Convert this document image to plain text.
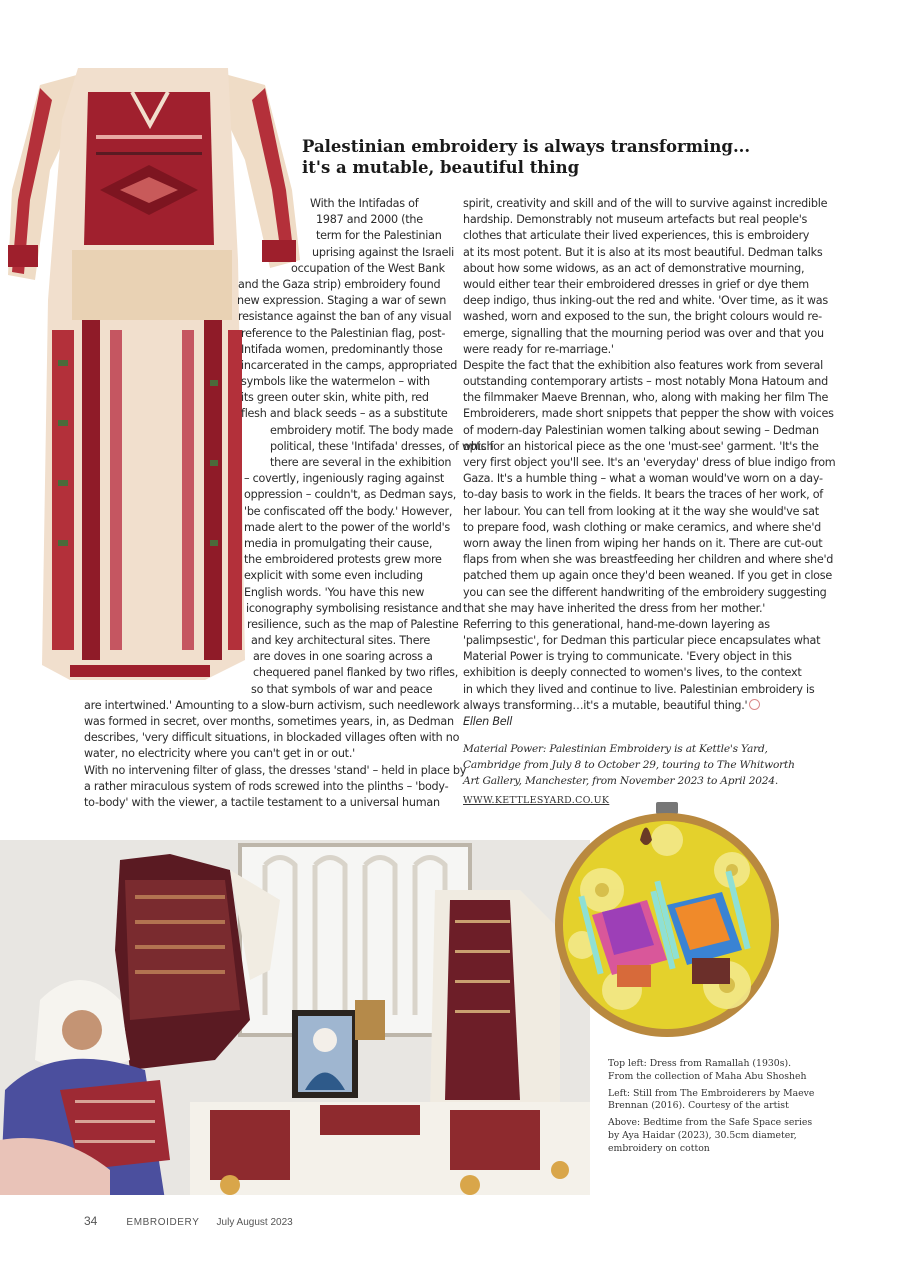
Palestinian embroidery is always transforming...
it's a mutable, beautiful thing
With the Intifadas of
1987 and 2000 (the
term for the Palestinian
uprising against the Israeli
occupation of the West Bank
and the Gaza strip) embroidery found
new expression. Staging a war of sewn
resistance against the ban of any visual
reference to the Palestinian flag, post-
Intifada women, predominantly those
incarcerated in the camps, appropriated
symbols like the watermelon – with
its green outer skin, white pith, red
flesh and black seeds – as a substitute
embroidery motif. The body made
political, these 'Intifada' dresses, of which
there are several in the exhibition
– covertly, ingeniously raging against
oppression – couldn't, as Dedman says,
'be confiscated off the body.' However,
made alert to the power of the world's
media in promulgating their cause,
the embroidered protests grew more
explicit with some even including
English words. 'You have this new
iconography symbolising resistance and
resilience, such as the map of Palestine
and key architectural sites. There
are doves in one soaring across a
chequered panel flanked by two rifles,
so that symbols of war and peace
are intertwined.' Amounting to a slow-burn activism, such needlework
was formed in secret, over months, sometimes years, in, as Dedman
describes, 'very difficult situations, in blockaded villages often with no
water, no electricity where you can't get in or out.'
With no intervening filter of glass, the dresses 'stand' – held in place by
a rather miraculous system of rods screwed into the plinths – 'body-
to-body' with the viewer, a tactile testament to a universal human
spirit, creativity and skill and of the will to survive against incredible
hardship. Demonstrably not museum artefacts but real people's
clothes that articulate their lived experiences, this is embroidery
at its most potent. But it is also at its most beautiful. Dedman talks
about how some widows, as an act of demonstrative mourning,
would either tear their embroidered dresses in grief or dye them
deep indigo, thus inking-out the red and white. 'Over time, as it was
washed, worn and exposed to the sun, the bright colours would re-
emerge, signalling that the mourning period was over and that you
were ready for re-marriage.'
Despite the fact that the exhibition also features work from several
outstanding contemporary artists – most notably Mona Hatoum and
the filmmaker Maeve Brennan, who, along with making her film The
Embroiderers, made short snippets that pepper the show with voices
of modern-day Palestinian women talking about sewing – Dedman
opts for an historical piece as the one 'must-see' garment. 'It's the
very first object you'll see. It's an 'everyday' dress of blue indigo from
Gaza. It's a humble thing – what a woman would've worn on a day-
to-day basis to work in the fields. It bears the traces of her work, of
her labour. You can tell from looking at it the way she would've sat
to prepare food, wash clothing or make ceramics, and where she'd
worn away the linen from wiping her hands on it. There are cut-out
flaps from when she was breastfeeding her children and where she'd
patched them up again once they'd been weaned. If you get in close
you can see the different handwriting of the embroidery suggesting
that she may have inherited the dress from her mother.'
Referring to this generational, hand-me-down layering as
'palimpsestic', for Dedman this particular piece encapsulates what
Material Power is trying to communicate. 'Every object in this
exhibition is deeply connected to women's lives, to the context
in which they lived and continue to live. Palestinian embroidery is
always transforming…it's a mutable, beautiful thing.'
Ellen Bell
Material Power: Palestinian Embroidery is at Kettle's Yard,
Cambridge from July 8 to October 29, touring to The Whitworth
Art Gallery, Manchester, from November 2023 to April 2024.
WWW.KETTLESYARD.CO.UK
Top left: Dress from Ramallah (1930s).
From the collection of Maha Abu Shosheh
Left: Still from The Embroiderers by Maeve
Brennan (2016). Courtesy of the artist
Above: Bedtime from the Safe Space series
by Aya Haidar (2023), 30.5cm diameter,
embroidery on cotton
34	EMBROIDERY July August 2023
